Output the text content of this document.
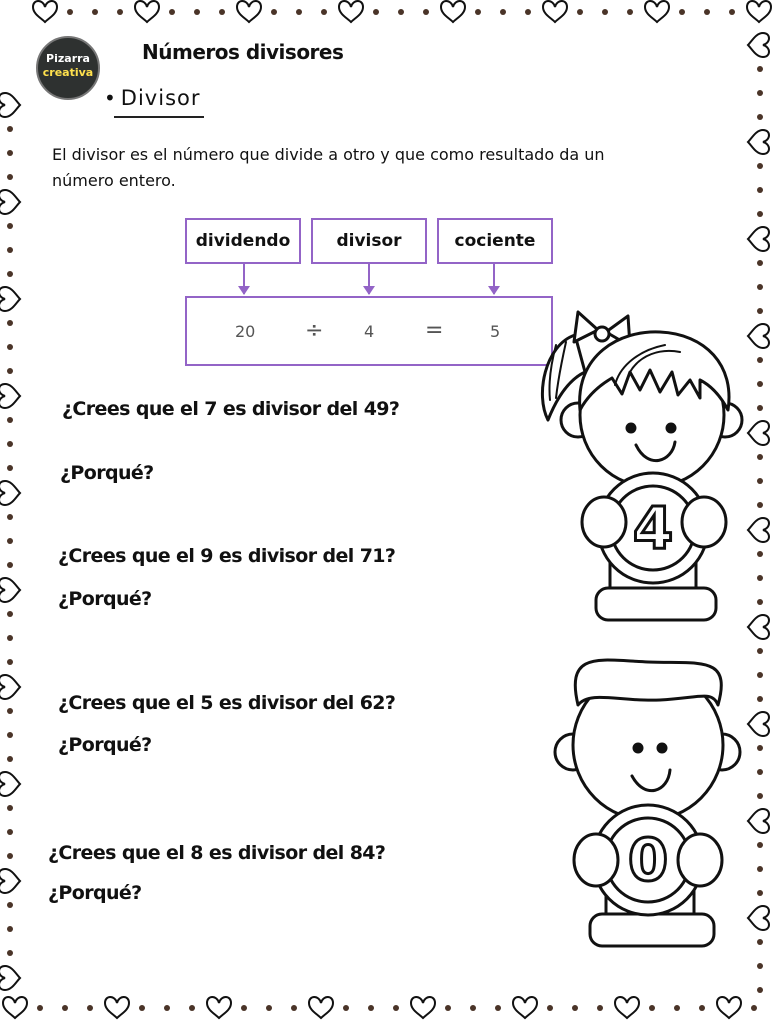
Pizarra
creativa
Números divisores
• Divisor
El divisor es el número que divide a otro y que como resultado da un número entero.
dividendo	divisor	cociente
20 ÷	4 =	5
¿Crees que el 7 es divisor del 49?
¿Porqué?
¿Crees que el 9 es divisor del 71?
¿Porqué?
¿Crees que el 5 es divisor del 62?
¿Porqué?
¿Crees que el 8 es divisor del 84?
¿Porqué?
4
0
